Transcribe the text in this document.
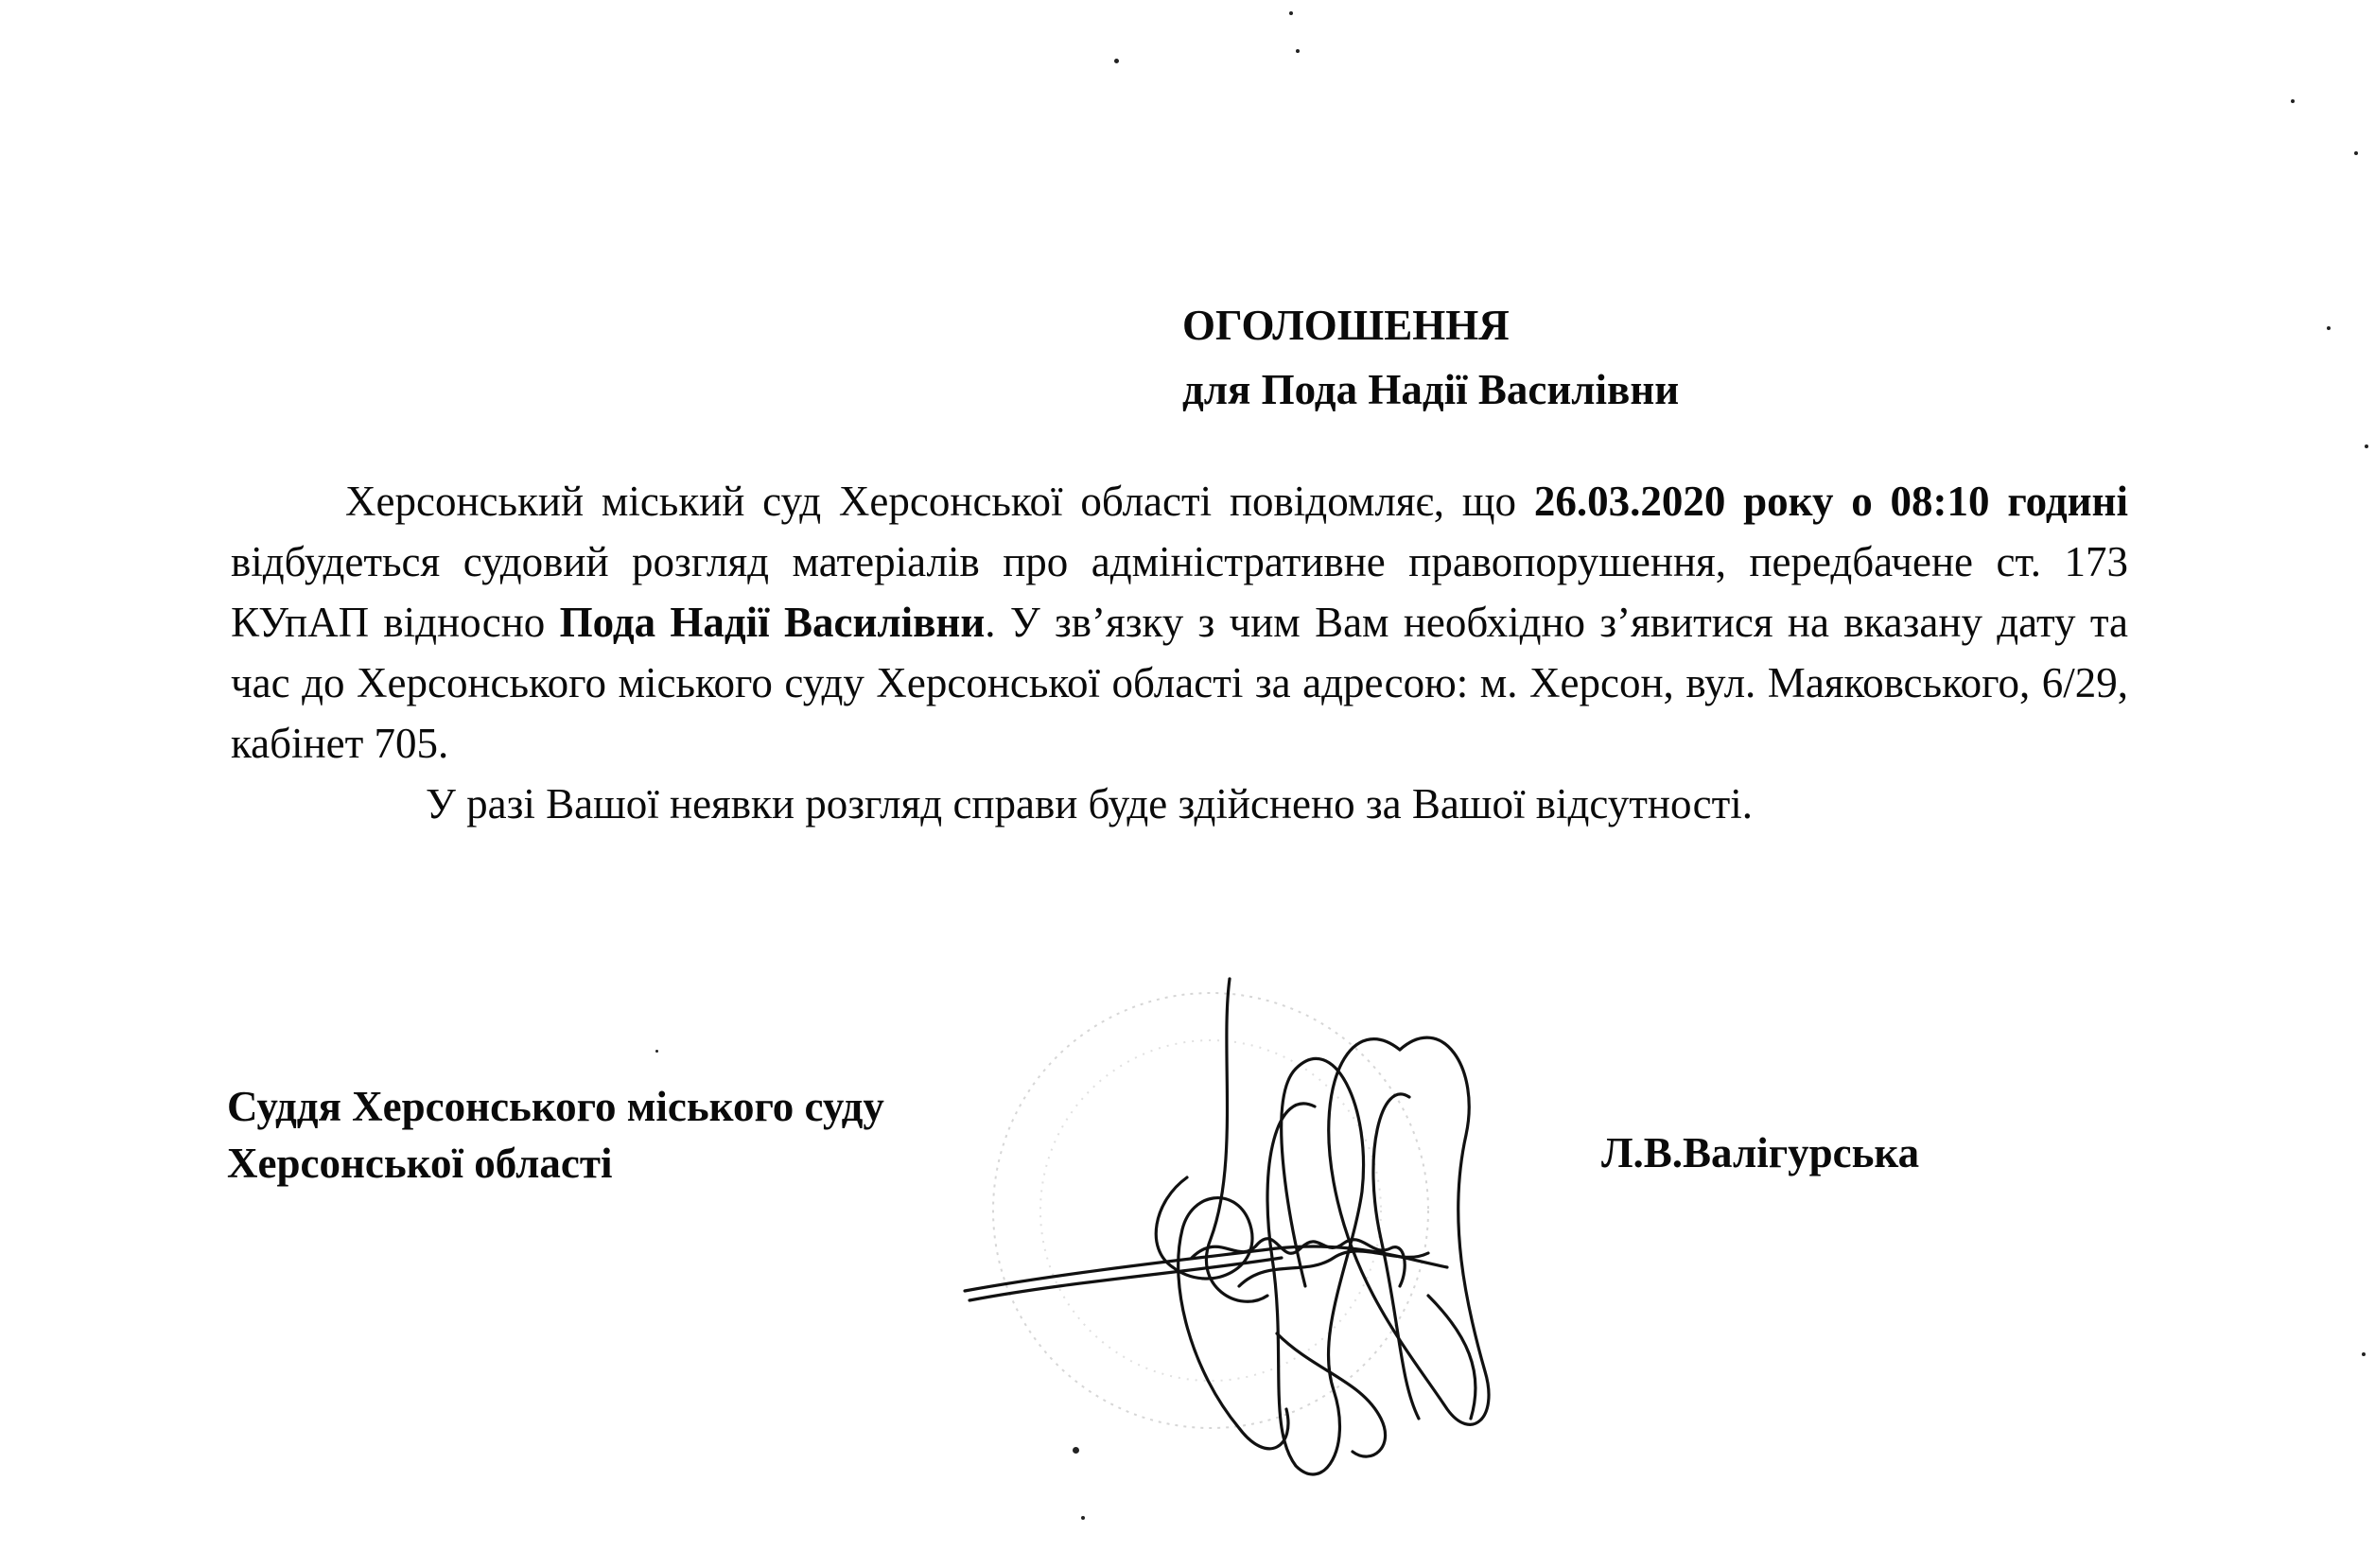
ОГОЛОШЕННЯ
для Пода Надії Василівни

Херсонський міський суд Херсонської області повідомляє, що 26.03.2020 року о 08:10 годині відбудеться судовий розгляд матеріалів про адміністративне правопорушення, передбачене ст. 173 КУпАП відносно Пода Надії Василівни. У зв’язку з чим Вам необхідно з’явитися на вказану дату та час до Херсонського міського суду Херсонської області за адресою: м. Херсон, вул. Маяковського, 6/29, кабінет 705.

У разі Вашої неявки розгляд справи буде здійснено за Вашої відсутності.

Суддя Херсонського міського суду
Херсонської області	Л.В.Валігурська
